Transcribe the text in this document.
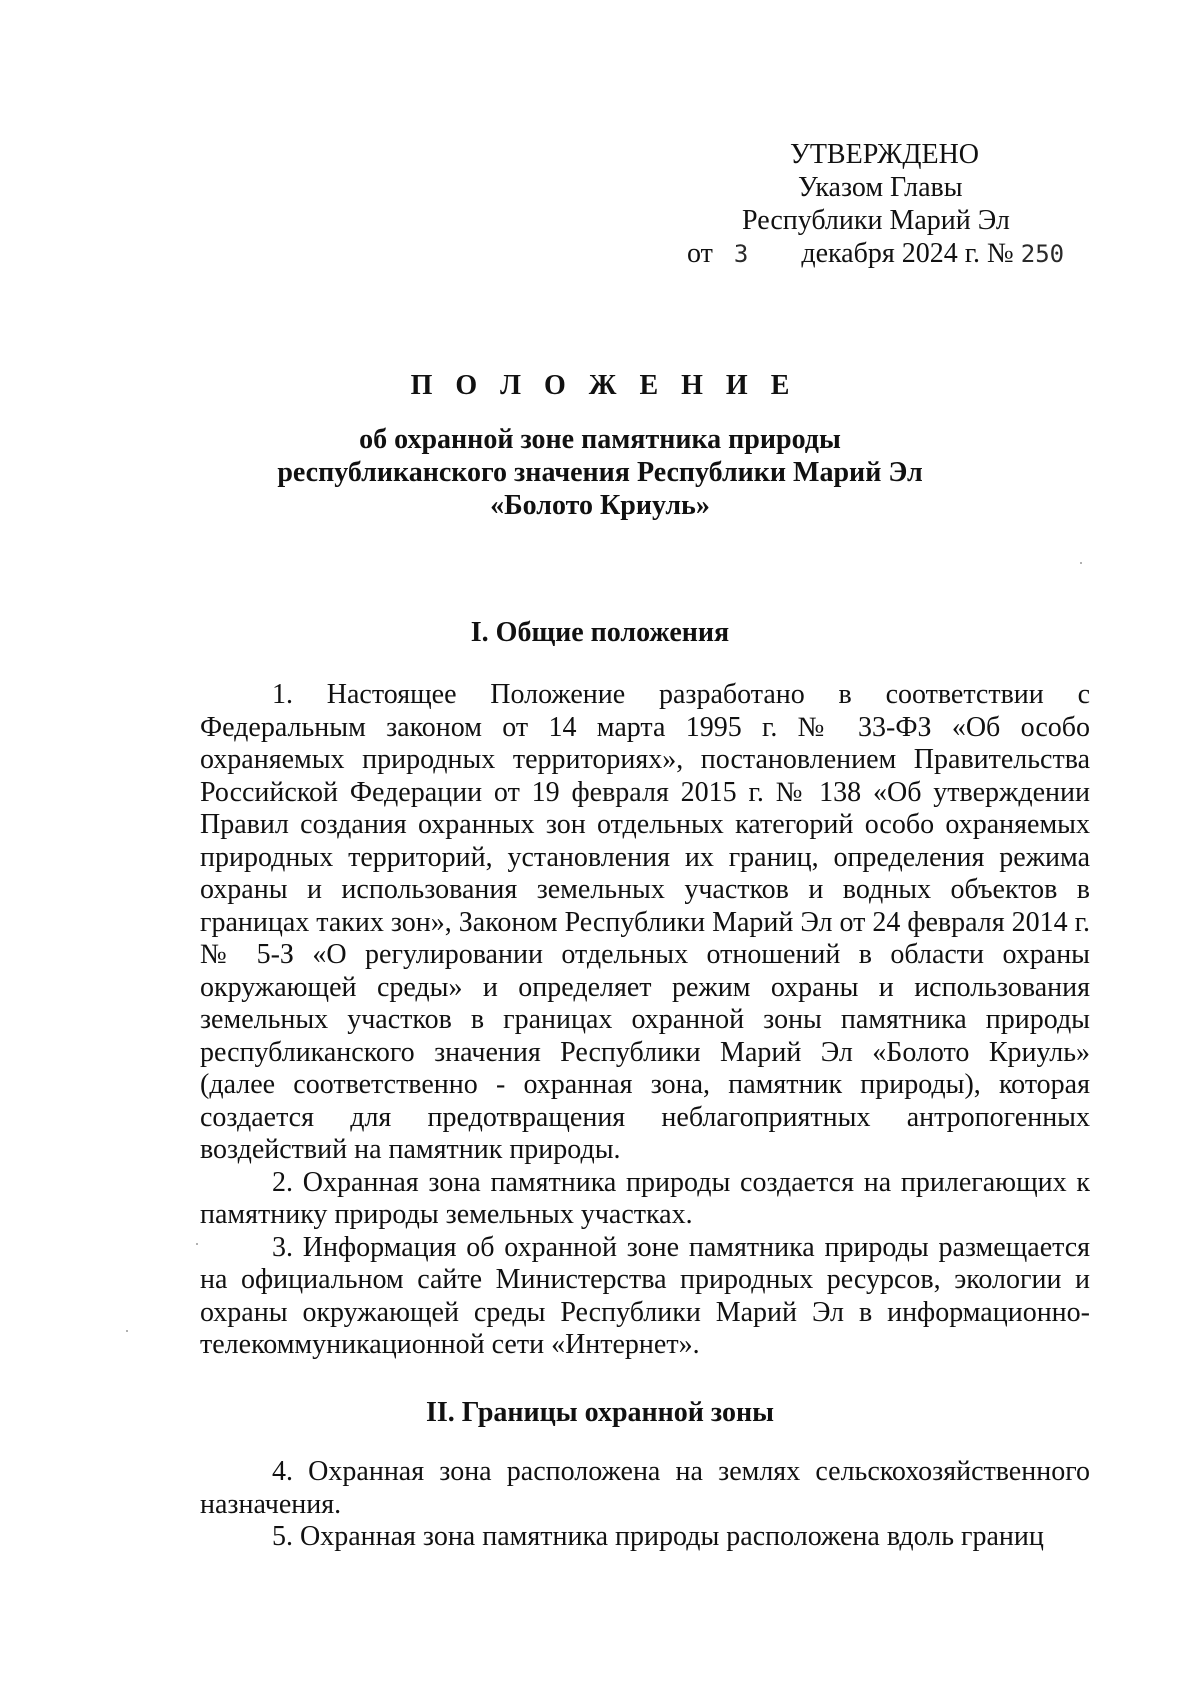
УТВЕРЖДЕНО
Указом Главы
Республики Марий Эл
от 3 декабря 2024 г. № 250
П О Л О Ж Е Н И Е
об охранной зоне памятника природы
республиканского значения Республики Марий Эл
«Болото Криуль»
I. Общие положения

1. Настоящее Положение разработано в соответствии с Федеральным законом от 14 марта 1995 г. № 33-ФЗ «Об особо охраняемых природных территориях», постановлением Правительства Российской Федерации от 19 февраля 2015 г. № 138 «Об утверждении Правил создания охранных зон отдельных категорий особо охраняемых природных территорий, установления их границ, определения режима охраны и использования земельных участков и водных объектов в границах таких зон», Законом Республики Марий Эл от 24 февраля 2014 г. № 5-З «О регулировании отдельных отношений в области охраны окружающей среды» и определяет режим охраны и использования земельных участков в границах охранной зоны памятника природы республиканского значения Республики Марий Эл «Болото Криуль» (далее соответственно - охранная зона, памятник природы), которая создается для предотвращения неблагоприятных антропогенных воздействий на памятник природы.

2. Охранная зона памятника природы создается на прилегающих к памятнику природы земельных участках.

3. Информация об охранной зоне памятника природы размещается на официальном сайте Министерства природных ресурсов, экологии и охраны окружающей среды Республики Марий Эл в информационно-телекоммуникационной сети «Интернет».

II. Границы охранной зоны

4. Охранная зона расположена на землях сельскохозяйственного назначения.

5. Охранная зона памятника природы расположена вдоль границ
